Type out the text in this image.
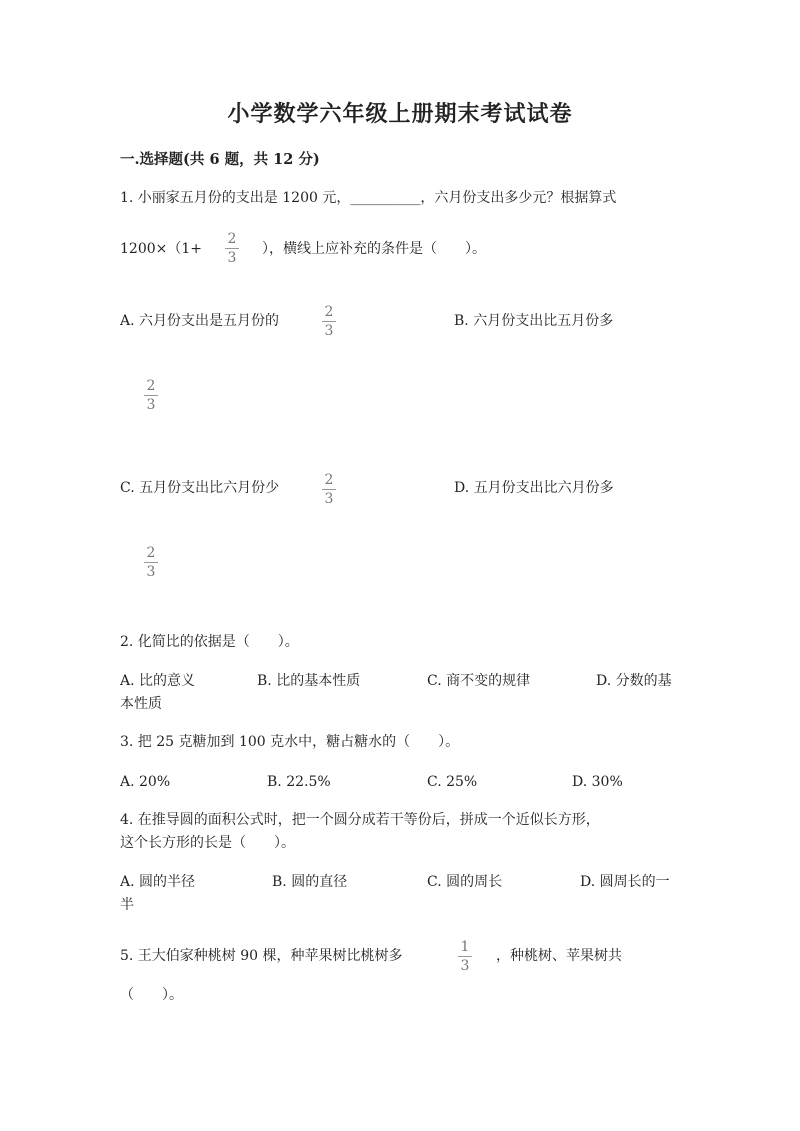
小学数学六年级上册期末考试试卷
一.选择题(共 6 题，共 12 分)
1. 小丽家五月份的支出是 1200 元，__________，六月份支出多少元？根据算式
1200×（1+
2
3
），横线上应补充的条件是（　　）。
A. 六月份支出是五月份的
2
3
B. 六月份支出比五月份多
2
3
C. 五月份支出比六月份少	2
3
D. 五月份支出比六月份多
2
3
2. 化简比的依据是（　　）。
A. 比的意义	B. 比的基本性质	C. 商不变的规律	D. 分数的基
本性质
3. 把 25 克糖加到 100 克水中，糖占糖水的（　　）。
A. 20%	B. 22.5%	C. 25%	D. 30%
4. 在推导圆的面积公式时，把一个圆分成若干等份后，拼成一个近似长方形，
这个长方形的长是（　　）。
A. 圆的半径	B. 圆的直径	C. 圆的周长	D. 圆周长的一
半
5. 王大伯家种桃树 90 棵，种苹果树比桃树多
1
3
，种桃树、苹果树共
（　　）。
